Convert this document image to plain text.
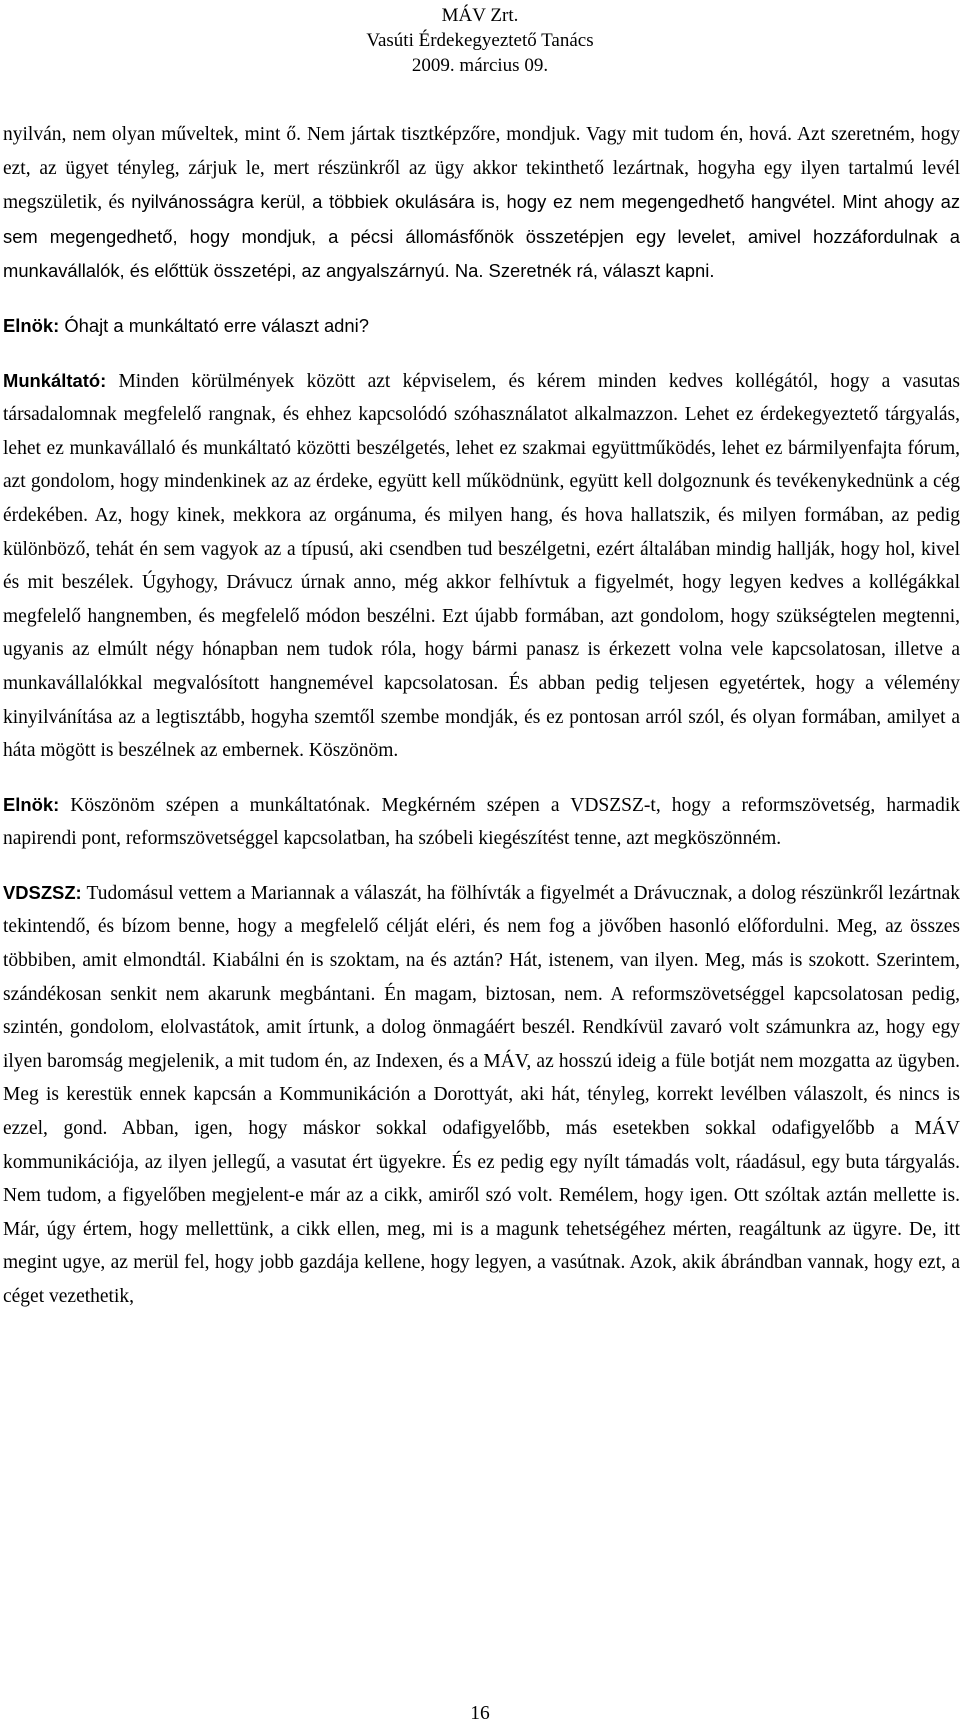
MÁV Zrt.
Vasúti Érdekegyeztető Tanács
2009. március 09.

nyilván, nem olyan műveltek, mint ő. Nem jártak tisztképzőre, mondjuk. Vagy mit tudom én, hová. Azt szeretném, hogy ezt, az ügyet tényleg, zárjuk le, mert részünkről az ügy akkor tekinthető lezártnak, hogyha egy ilyen tartalmú levél megszületik, és nyilvánosságra kerül, a többiek okulására is, hogy ez nem megengedhető hangvétel. Mint ahogy az sem megengedhető, hogy mondjuk, a pécsi állomásfőnök összetépjen egy levelet, amivel hozzáfordulnak a munkavállalók, és előttük összetépi, az angyalszárnyú. Na. Szeretnék rá, választ kapni.

Elnök: Óhajt a munkáltató erre választ adni?

Munkáltató: Minden körülmények között azt képviselem, és kérem minden kedves kollégától, hogy a vasutas társadalomnak megfelelő rangnak, és ehhez kapcsolódó szóhasználatot alkalmazzon. Lehet ez érdekegyeztető tárgyalás, lehet ez munkavállaló és munkáltató közötti beszélgetés, lehet ez szakmai együttműködés, lehet ez bármilyenfajta fórum, azt gondolom, hogy mindenkinek az az érdeke, együtt kell működnünk, együtt kell dolgoznunk és tevékenykednünk a cég érdekében. Az, hogy kinek, mekkora az orgánuma, és milyen hang, és hova hallatszik, és milyen formában, az pedig különböző, tehát én sem vagyok az a típusú, aki csendben tud beszélgetni, ezért általában mindig hallják, hogy hol, kivel és mit beszélek. Úgyhogy, Drávucz úrnak anno, még akkor felhívtuk a figyelmét, hogy legyen kedves a kollégákkal megfelelő hangnemben, és megfelelő módon beszélni. Ezt újabb formában, azt gondolom, hogy szükségtelen megtenni, ugyanis az elmúlt négy hónapban nem tudok róla, hogy bármi panasz is érkezett volna vele kapcsolatosan, illetve a munkavállalókkal megvalósított hangnemével kapcsolatosan. És abban pedig teljesen egyetértek, hogy a vélemény kinyilvánítása az a legtisztább, hogyha szemtől szembe mondják, és ez pontosan arról szól, és olyan formában, amilyet a háta mögött is beszélnek az embernek. Köszönöm.

Elnök: Köszönöm szépen a munkáltatónak. Megkérném szépen a VDSZSZ-t, hogy a reformszövetség, harmadik napirendi pont, reformszövetséggel kapcsolatban, ha szóbeli kiegészítést tenne, azt megköszönném.

VDSZSZ: Tudomásul vettem a Mariannak a válaszát, ha fölhívták a figyelmét a Drávucznak, a dolog részünkről lezártnak tekintendő, és bízom benne, hogy a megfelelő célját eléri, és nem fog a jövőben hasonló előfordulni. Meg, az összes többiben, amit elmondtál. Kiabálni én is szoktam, na és aztán? Hát, istenem, van ilyen. Meg, más is szokott. Szerintem, szándékosan senkit nem akarunk megbántani. Én magam, biztosan, nem. A reformszövetséggel kapcsolatosan pedig, szintén, gondolom, elolvastátok, amit írtunk, a dolog önmagáért beszél. Rendkívül zavaró volt számunkra az, hogy egy ilyen baromság megjelenik, a mit tudom én, az Indexen, és a MÁV, az hosszú ideig a füle botját nem mozgatta az ügyben. Meg is kerestük ennek kapcsán a Kommunikáción a Dorottyát, aki hát, tényleg, korrekt levélben válaszolt, és nincs is ezzel, gond. Abban, igen, hogy máskor sokkal odafigyelőbb, más esetekben sokkal odafigyelőbb a MÁV kommunikációja, az ilyen jellegű, a vasutat ért ügyekre. És ez pedig egy nyílt támadás volt, ráadásul, egy buta tárgyalás. Nem tudom, a figyelőben megjelent-e már az a cikk, amiről szó volt. Remélem, hogy igen. Ott szóltak aztán mellette is. Már, úgy értem, hogy mellettünk, a cikk ellen, meg, mi is a magunk tehetségéhez mérten, reagáltunk az ügyre. De, itt megint ugye, az merül fel, hogy jobb gazdája kellene, hogy legyen, a vasútnak. Azok, akik ábrándban vannak, hogy ezt, a céget vezethetik,

16
